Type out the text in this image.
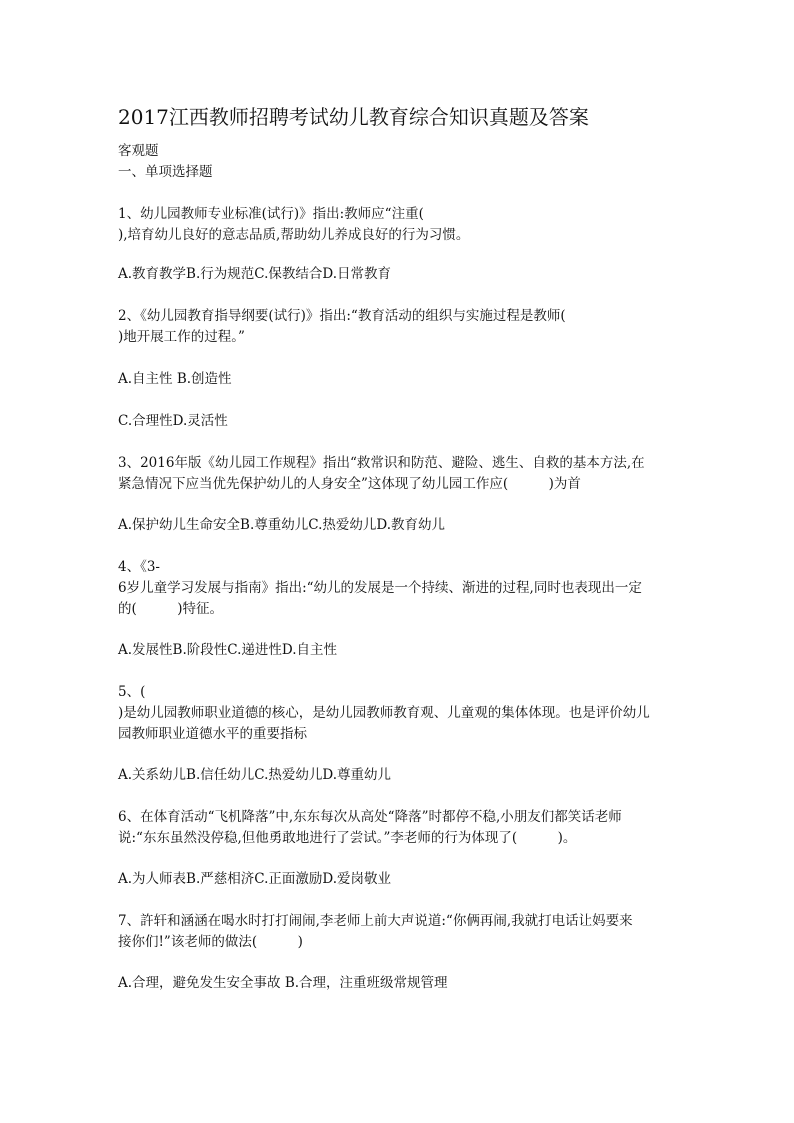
2017江西教师招聘考试幼儿教育综合知识真题及答案
客观题
一、单项选择题
1、幼儿园教师专业标准(试行)》指出:教师应“注重(
),培育幼儿良好的意志品质,帮助幼儿养成良好的行为习惯。
A.教育教学B.行为规范C.保教结合D.日常教育
2、《幼儿园教育指导纲要(试行)》指出:“教育活动的组织与实施过程是教师(
)地开展工作的过程。”
A.自主性 B.创造性
C.合理性D.灵活性
3、2016年版《幼儿园工作规程》指出“救常识和防范、避险、逃生、自救的基本方法,在
紧急情况下应当优先保护幼儿的人身安全”这体现了幼儿园工作应(　　　)为首
A.保护幼儿生命安全B.尊重幼儿C.热爱幼儿D.教育幼儿
4、《3-
6岁儿童学习发展与指南》指出:“幼儿的发展是一个持续、渐进的过程,同时也表现出一定
的(　　　)特征。
A.发展性B.阶段性C.递进性D.自主性
5、(
)是幼儿园教师职业道德的核心，是幼儿园教师教育观、儿童观的集体体现。也是评价幼儿
园教师职业道德水平的重要指标
A.关系幼儿B.信任幼儿C.热爱幼儿D.尊重幼儿
6、在体育活动“飞机降落”中,东东每次从高处“降落”时都停不稳,小朋友们都笑话老师
说:“东东虽然没停稳,但他勇敢地进行了尝试。”李老师的行为体现了(　　　)。
A.为人师表B.严慈相济C.正面激励D.爱岗敬业
7、許轩和涵涵在喝水时打打闹闹,李老师上前大声说道:“你俩再闹,我就打电话让妈要来
接你们!”该老师的做法(　　　)
A.合理，避免发生安全事故 B.合理，注重班级常规管理
